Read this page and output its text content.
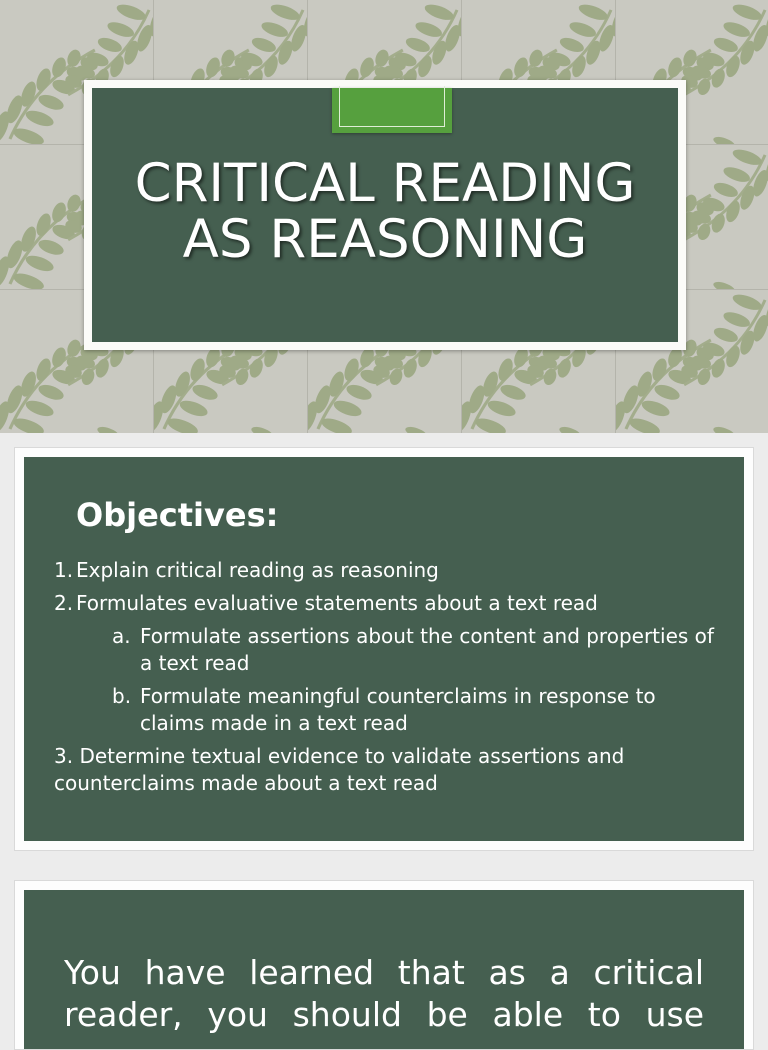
CRITICAL READING
AS REASONING
Objectives:
1. Explain critical reading as reasoning
2. Formulates evaluative statements about a text read
a. Formulate assertions about the content and properties of a text read
b. Formulate meaningful counterclaims in response to claims made in a text read
3. Determine textual evidence to validate assertions and counterclaims made about a text read
You have learned that as a critical reader, you should be able to use
